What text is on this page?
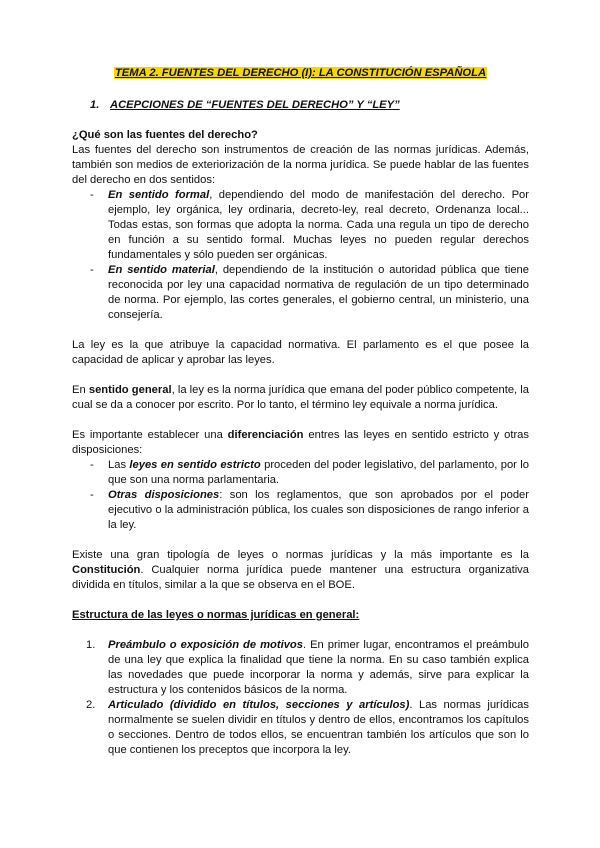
TEMA 2. FUENTES DEL DERECHO (I): LA CONSTITUCIÓN ESPAÑOLA
1. ACEPCIONES DE “FUENTES DEL DERECHO” Y “LEY”

¿Qué son las fuentes del derecho?

Las fuentes del derecho son instrumentos de creación de las normas jurídicas. Además, también son medios de exteriorización de la norma jurídica. Se puede hablar de las fuentes del derecho en dos sentidos:

- En sentido formal, dependiendo del modo de manifestación del derecho. Por ejemplo, ley orgánica, ley ordinaria, decreto-ley, real decreto, Ordenanza local... Todas estas, son formas que adopta la norma. Cada una regula un tipo de derecho en función a su sentido formal. Muchas leyes no pueden regular derechos fundamentales y sólo pueden ser orgánicas.
- En sentido material, dependiendo de la institución o autoridad pública que tiene reconocida por ley una capacidad normativa de regulación de un tipo determinado de norma. Por ejemplo, las cortes generales, el gobierno central, un ministerio, una consejería.

La ley es la que atribuye la capacidad normativa. El parlamento es el que posee la capacidad de aplicar y aprobar las leyes.

En sentido general, la ley es la norma jurídica que emana del poder público competente, la cual se da a conocer por escrito. Por lo tanto, el término ley equivale a norma jurídica.

Es importante establecer una diferenciación entres las leyes en sentido estricto y otras disposiciones:

- Las leyes en sentido estricto proceden del poder legislativo, del parlamento, por lo que son una norma parlamentaria.
- Otras disposiciones: son los reglamentos, que son aprobados por el poder ejecutivo o la administración pública, los cuales son disposiciones de rango inferior a la ley.

Existe una gran tipología de leyes o normas jurídicas y la más importante es la Constitución. Cualquier norma jurídica puede mantener una estructura organizativa dividida en títulos, similar a la que se observa en el BOE.

Estructura de las leyes o normas jurídicas en general:

1. Preámbulo o exposición de motivos. En primer lugar, encontramos el preámbulo de una ley que explica la finalidad que tiene la norma. En su caso también explica las novedades que puede incorporar la norma y además, sirve para explicar la estructura y los contenidos básicos de la norma.
2. Articulado (dividido en títulos, secciones y artículos). Las normas jurídicas normalmente se suelen dividir en títulos y dentro de ellos, encontramos los capítulos o secciones. Dentro de todos ellos, se encuentran también los artículos que son lo que contienen los preceptos que incorpora la ley.
